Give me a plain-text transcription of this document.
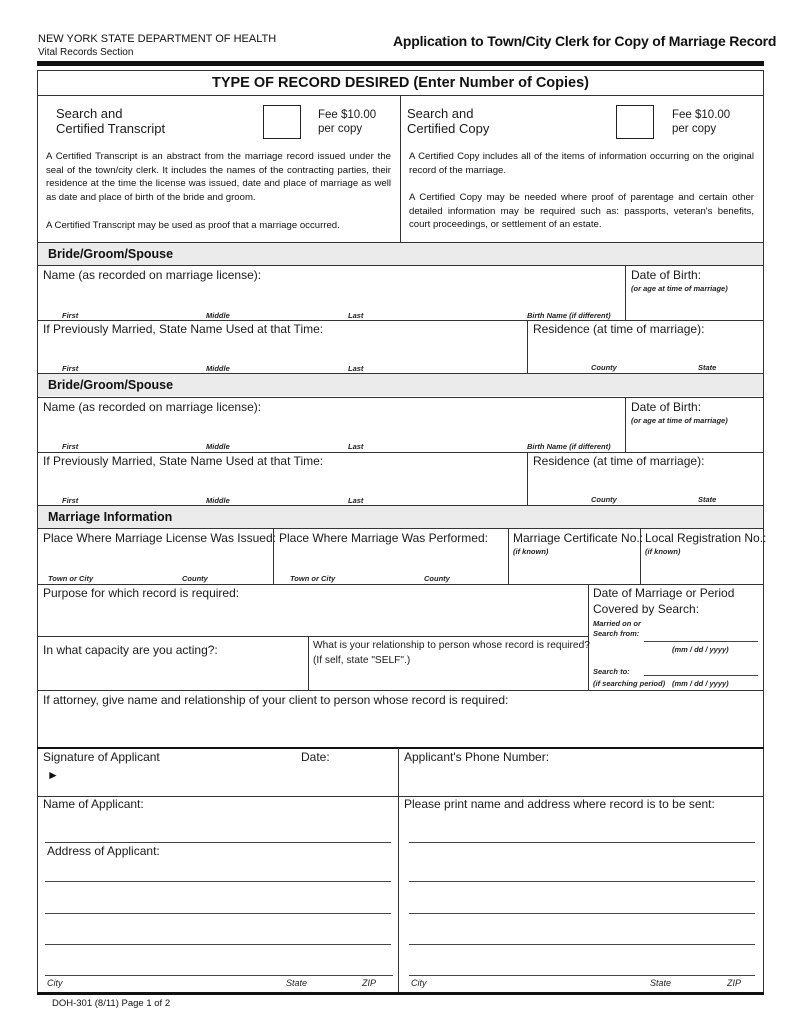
NEW YORK STATE DEPARTMENT OF HEALTH
Vital Records Section
Application to Town/City Clerk for Copy of Marriage Record
TYPE OF RECORD DESIRED (Enter Number of Copies)
Search and
Certified Transcript
Fee $10.00
per copy
A Certified Transcript is an abstract from the marriage record issued under the seal of the town/city clerk. It includes the names of the contracting parties, their residence at the time the license was issued, date and place of marriage as well as date and place of birth of the bride and groom.
A Certified Transcript may be used as proof that a marriage occurred.
Search and
Certified Copy
Fee $10.00
per copy
A Certified Copy includes all of the items of information occurring on the original record of the marriage.
A Certified Copy may be needed where proof of parentage and certain other detailed information may be required such as: passports, veteran's benefits, court proceedings, or settlement of an estate.
Bride/Groom/Spouse
Name (as recorded on marriage license):
First	Middle	Last	Birth Name (if different)
Date of Birth:
(or age at time of marriage)
If Previously Married, State Name Used at that Time:
First	Middle	Last
Residence (at time of marriage):
County	State
Bride/Groom/Spouse
Name (as recorded on marriage license):
First	Middle	Last	Birth Name (if different)
Date of Birth:
(or age at time of marriage)
If Previously Married, State Name Used at that Time:
First	Middle	Last
Residence (at time of marriage):
County	State
Marriage Information
Place Where Marriage License Was Issued:
Town or City	County
Place Where Marriage Was Performed:
Town or City	County
Marriage Certificate No.:
(if known)
Local Registration No.:
(if known)
Purpose for which record is required:	Date of Marriage or Period
Covered by Search:
Married on or
Search from:
(mm / dd / yyyy)
Search to:
(if searching period) (mm / dd / yyyy)
In what capacity are you acting?:	What is your relationship to person whose record is required?
(If self, state "SELF".)
If attorney, give name and relationship of your client to person whose record is required:
Signature of Applicant
►
Date:	Applicant's Phone Number:
Name of Applicant:
Address of Applicant:
City	State	ZIP
Please print name and address where record is to be sent:
City	State	ZIP
DOH-301 (8/11) Page 1 of 2
